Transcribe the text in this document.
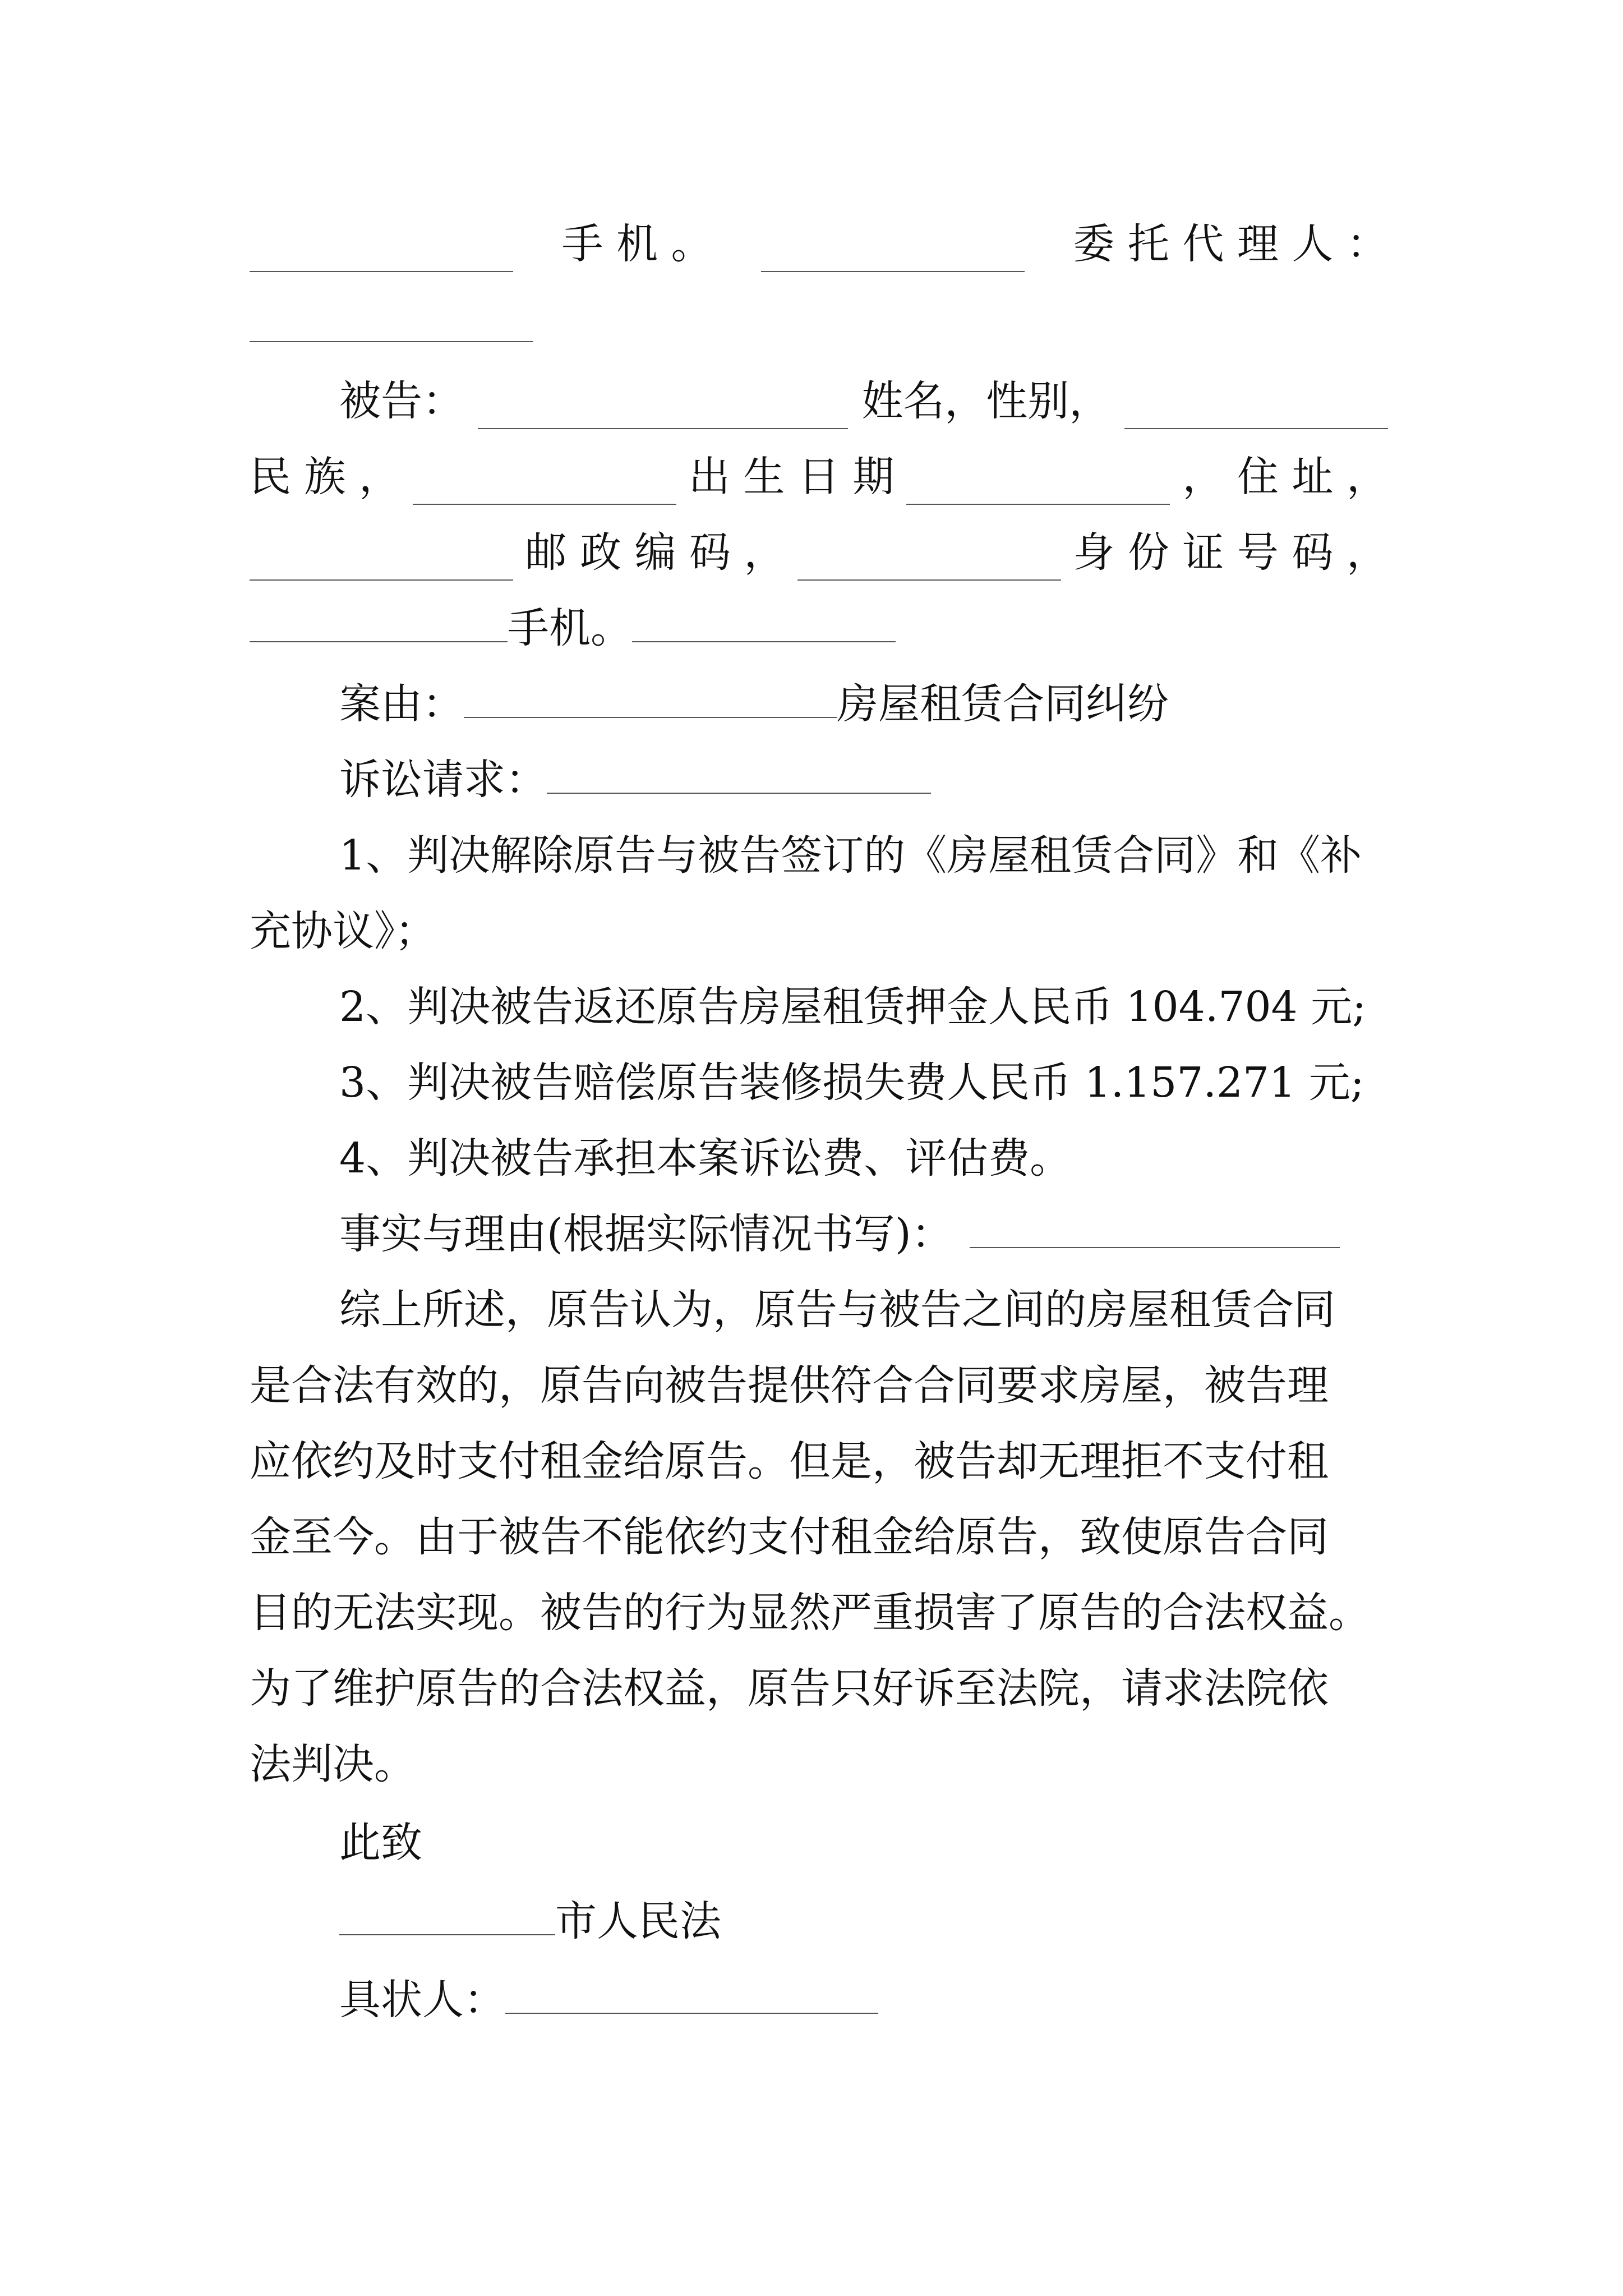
手 机 。	委 托 代 理 人 ：
被告：	姓名，性别，
民 族 ，	出 生 日 期	， 住 址 ，
邮 政 编 码 ，	身 份 证 号 码 ，
手机。
案由：	房屋租赁合同纠纷
诉讼请求：
1、判决解除原告与被告签订的《房屋租赁合同》和《补
充协议》；
2、判决被告返还原告房屋租赁押金人民币 104.704 元;
3、判决被告赔偿原告装修损失费人民币 1.157.271 元;
4、判决被告承担本案诉讼费、评估费。
事实与理由(根据实际情况书写)：
综上所述，原告认为，原告与被告之间的房屋租赁合同
是合法有效的，原告向被告提供符合合同要求房屋，被告理
应依约及时支付租金给原告。但是，被告却无理拒不支付租
金至今。由于被告不能依约支付租金给原告，致使原告合同
目的无法实现。被告的行为显然严重损害了原告的合法权益。
为了维护原告的合法权益，原告只好诉至法院，请求法院依
法判决。
此致
市人民法
具状人：
